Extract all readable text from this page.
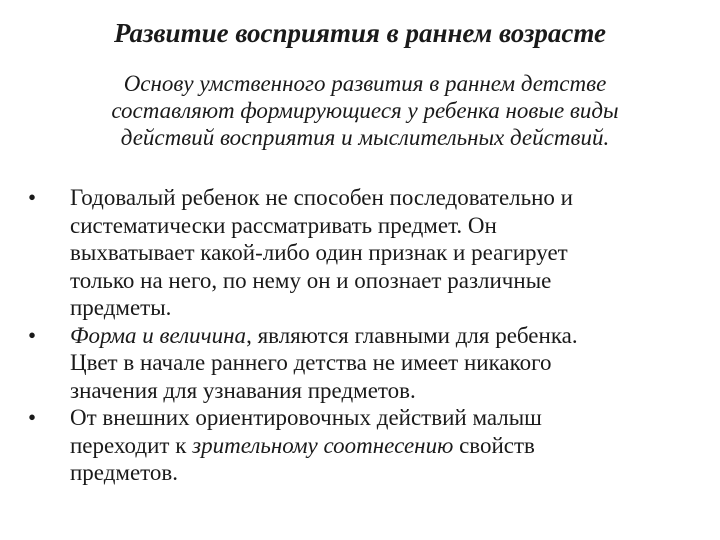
Развитие восприятия в раннем возрасте
Основу умственного развития в раннем детстве
составляют формирующиеся у ребенка новые виды
действий восприятия и мыслительных действий.
•	Годовалый ребенок не способен последовательно и
систематически рассматривать предмет. Он
выхватывает какой-либо один признак и реагирует
только на него, по нему он и опознает различные
предметы.
•	Форма и величина, являются главными для ребенка.
Цвет в начале раннего детства не имеет никакого
значения для узнавания предметов.
•	От внешних ориентировочных действий малыш
переходит к зрительному соотнесению свойств
предметов.
